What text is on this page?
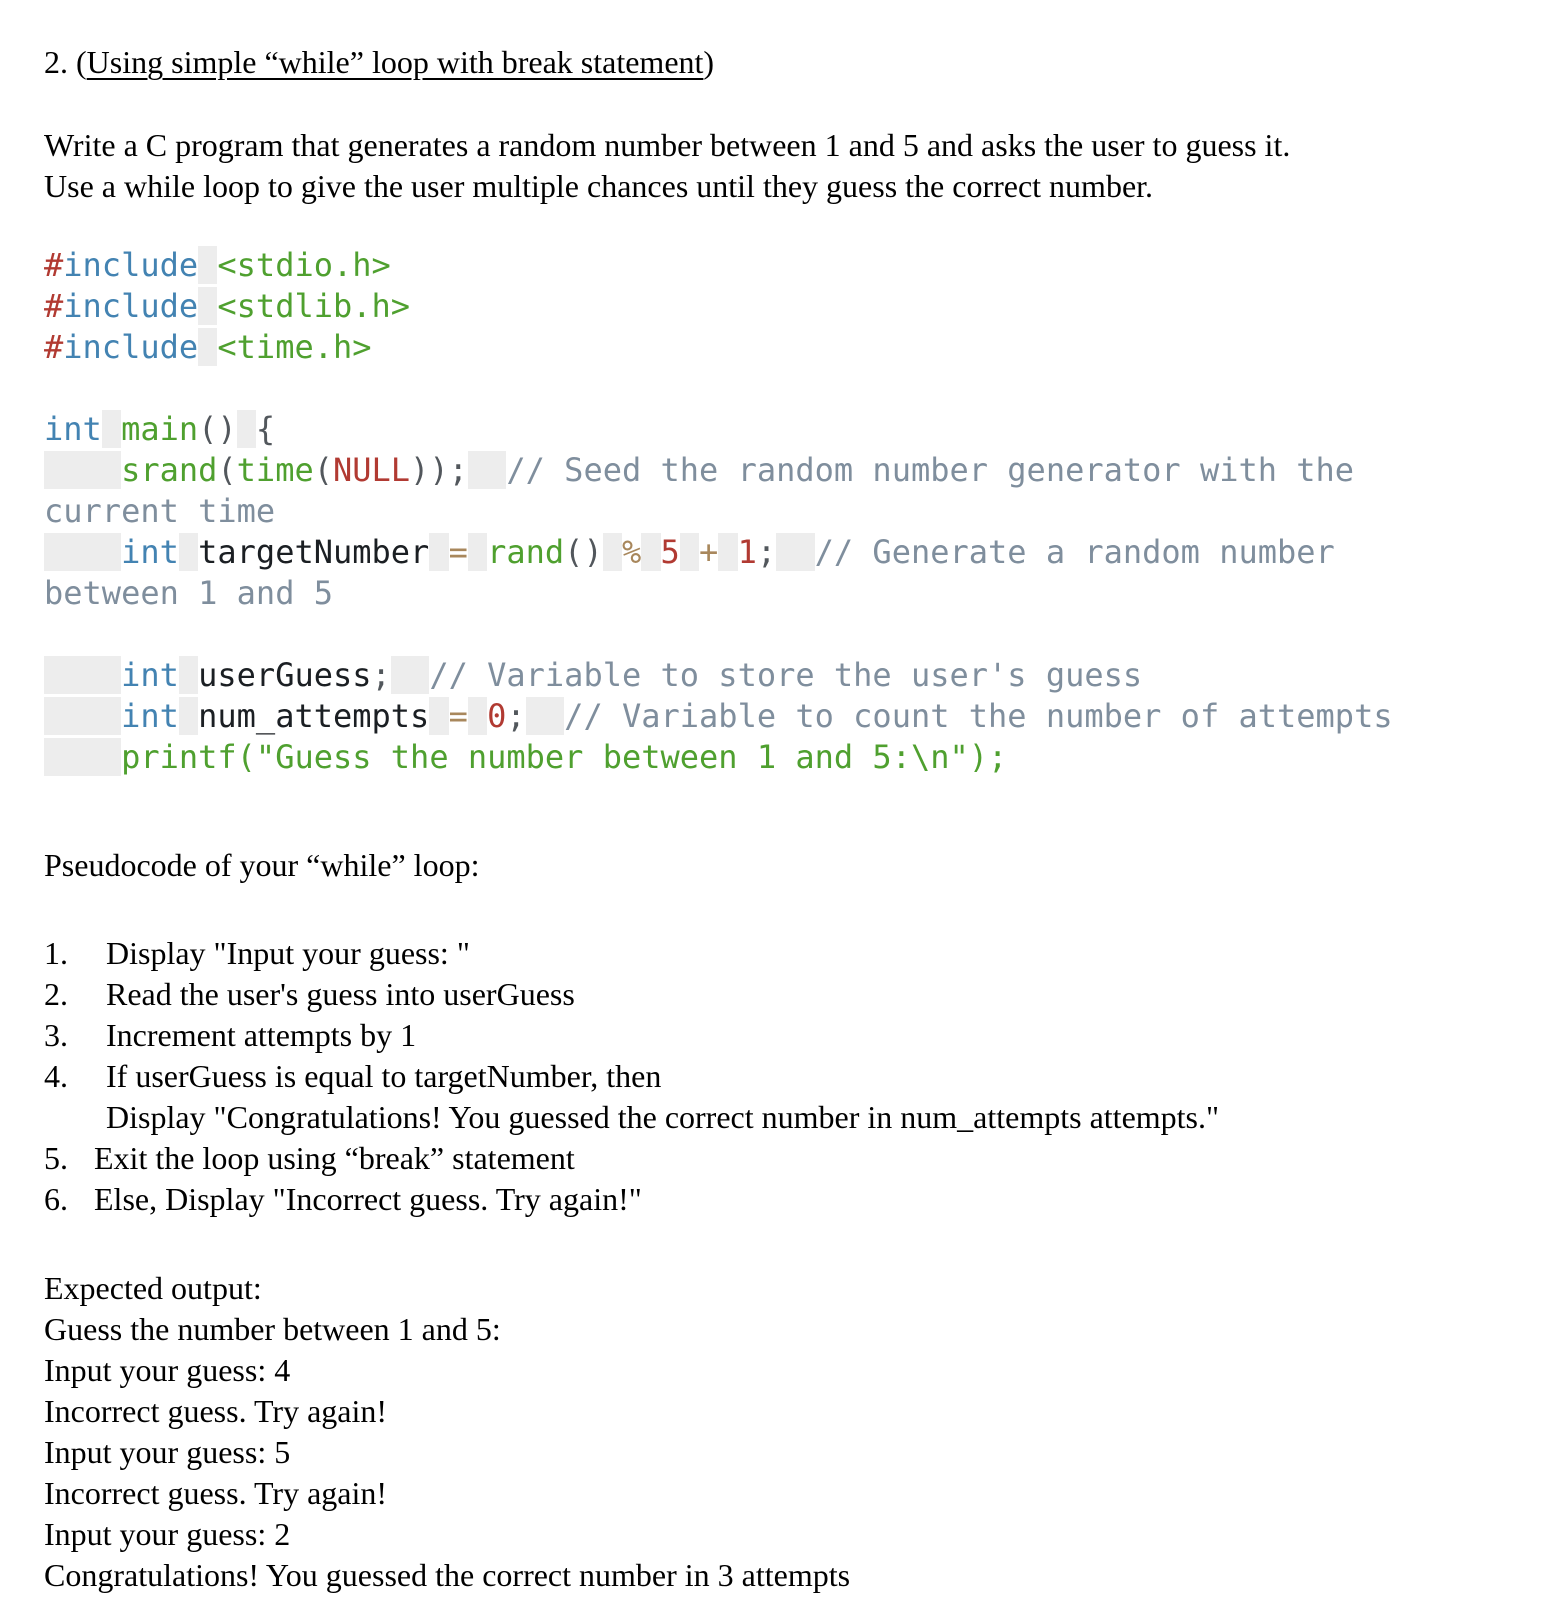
2. (Using simple “while” loop with break statement)
Write a C program that generates a random number between 1 and 5 and asks the user to guess it.
Use a while loop to give the user multiple chances until they guess the correct number.
#include <stdio.h>
#include <stdlib.h>
#include <time.h>

int main() {
srand(time(NULL)); // Seed the random number generator with the
current time
int targetNumber = rand() % 5 + 1; // Generate a random number
between 1 and 5

int userGuess; // Variable to store the user's guess
int num_attempts = 0; // Variable to count the number of attempts
printf("Guess the number between 1 and 5:\n");
Pseudocode of your “while” loop:
1.	Display "Input your guess: "
2.	Read the user's guess into userGuess
3.	Increment attempts by 1
4.	If userGuess is equal to targetNumber, then
Display "Congratulations! You guessed the correct number in num_attempts attempts."
5. Exit the loop using “break” statement
6. Else, Display "Incorrect guess. Try again!"
Expected output:
Guess the number between 1 and 5:
Input your guess: 4
Incorrect guess. Try again!
Input your guess: 5
Incorrect guess. Try again!
Input your guess: 2
Congratulations! You guessed the correct number in 3 attempts
